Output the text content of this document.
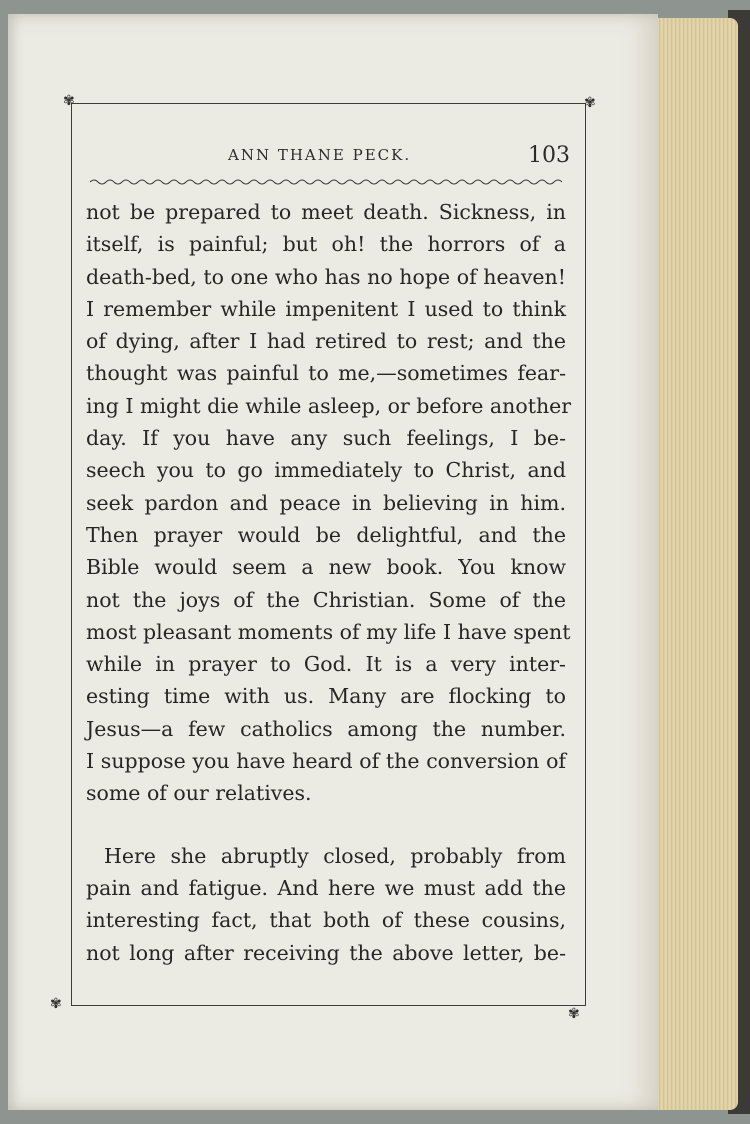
✾	✾
✾
✾
ANN THANE PECK.	103
not be prepared to meet death. Sickness, in
itself, is painful; but oh! the horrors of a
death-bed, to one who has no hope of heaven!
I remember while impenitent I used to think
of dying, after I had retired to rest; and the
thought was painful to me,—sometimes fear-
ing I might die while asleep, or before another
day. If you have any such feelings, I be-
seech you to go immediately to Christ, and
seek pardon and peace in believing in him.
Then prayer would be delightful, and the
Bible would seem a new book. You know
not the joys of the Christian. Some of the
most pleasant moments of my life I have spent
while in prayer to God. It is a very inter-
esting time with us. Many are flocking to
Jesus—a few catholics among the number.
I suppose you have heard of the conversion of
some of our relatives.
Here she abruptly closed, probably from
pain and fatigue. And here we must add the
interesting fact, that both of these cousins,
not long after receiving the above letter, be-
